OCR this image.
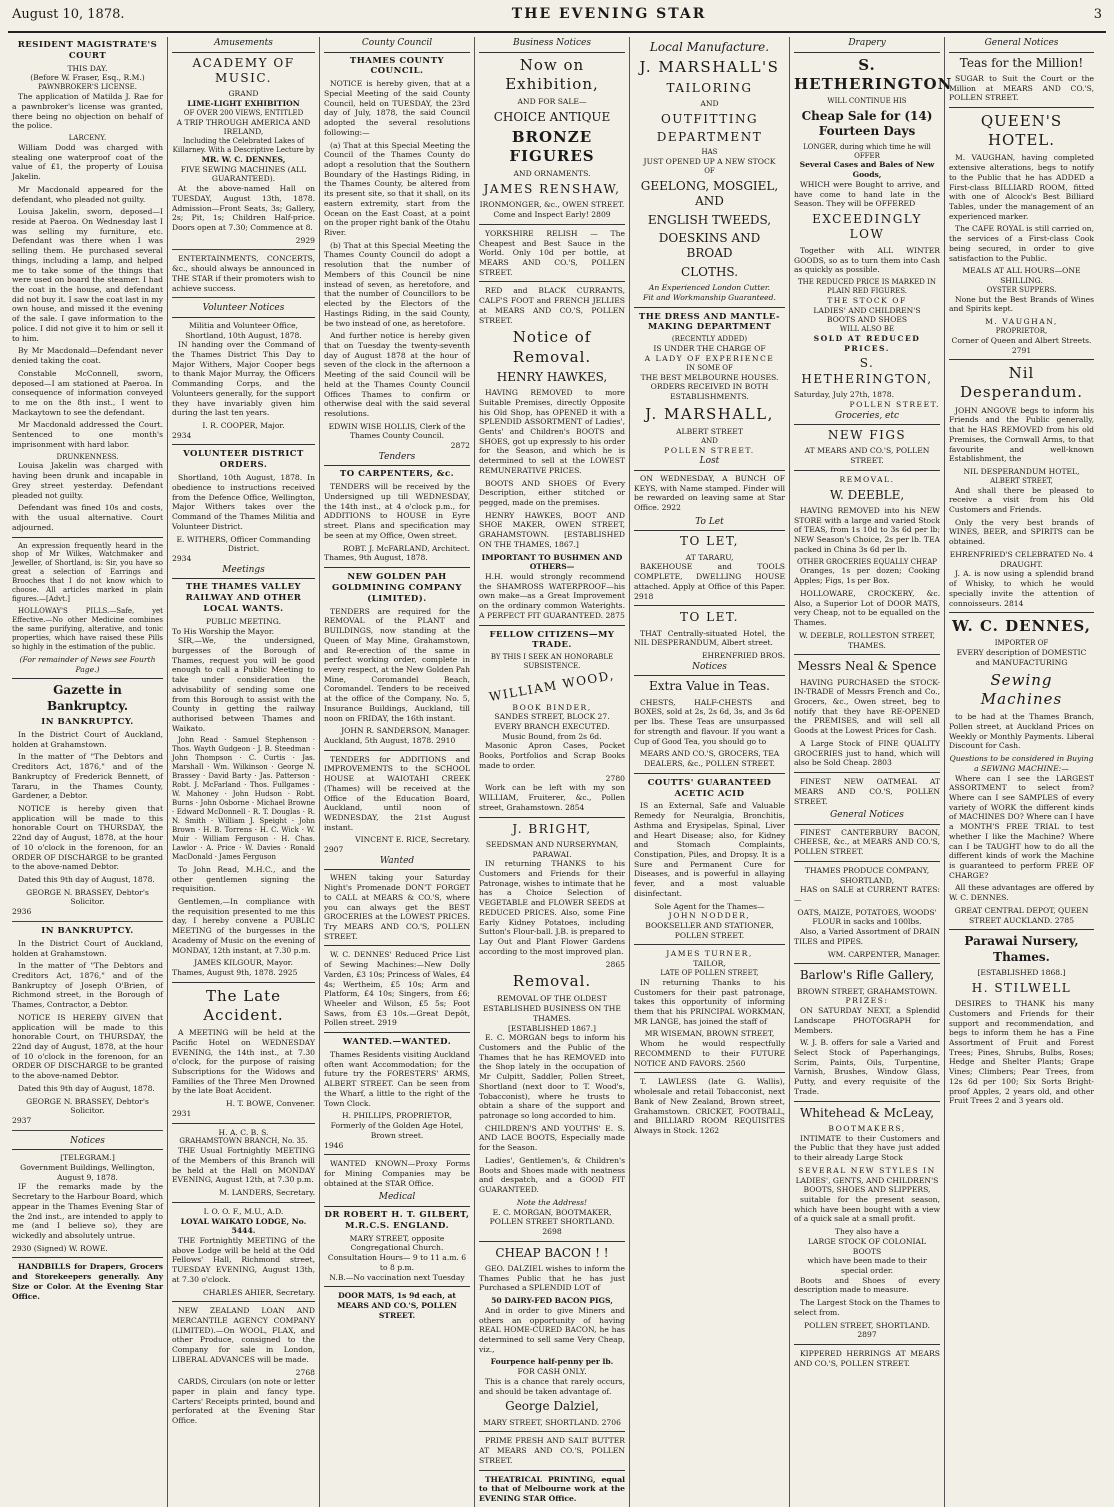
August 10, 1878.	THE EVENING STAR	3
RESIDENT MAGISTRATE'S COURT
THIS DAY.
(Before W. Fraser, Esq., R.M.)
PAWNBROKER'S LICENSE.

The application of Matilda J. Rae for a pawnbroker's license was granted, there being no objection on behalf of the police.

LARCENY.

William Dodd was charged with stealing one waterproof coat of the value of £1, the property of Louisa Jakelin.

Mr Macdonald appeared for the defendant, who pleaded not guilty.

Louisa Jakelin, sworn, deposed—I reside at Paeroa. On Wednesday last I was selling my furniture, etc. Defendant was there when I was selling them. He purchased several things, including a lamp, and helped me to take some of the things that were used on board the steamer. I had the coat in the house, and defendant did not buy it. I saw the coat last in my own house, and missed it the evening of the sale. I gave information to the police. I did not give it to him or sell it to him.

By Mr Macdonald—Defendant never denied taking the coat.

Constable McConnell, sworn, deposed—I am stationed at Paeroa. In consequence of information conveyed to me on the 8th inst., I went to Mackaytown to see the defendant.

Mr Macdonald addressed the Court. Sentenced to one month's imprisonment with hard labor.

DRUNKENNESS.

Louisa Jakelin was charged with having been drunk and incapable in Grey street yesterday. Defendant pleaded not guilty.

Defendant was fined 10s and costs, with the usual alternative. Court adjourned.

An expression frequently heard in the shop of Mr Wilkes, Watchmaker and Jeweller, of Shortland, is: Sir, you have so great a selection of Earrings and Brooches that I do not know which to choose. All articles marked in plain figures.—[Advt.]

HOLLOWAY'S PILLS.—Safe, yet Effective.—No other Medicine combines the same purifying, alterative, and tonic properties, which have raised these Pills so highly in the estimation of the public.

(For remainder of News see Fourth Page.)
Gazette in Bankruptcy.
IN BANKRUPTCY.

In the District Court of Auckland, holden at Grahamstown.

In the matter of "The Debtors and Creditors Act, 1876," and of the Bankruptcy of Frederick Bennett, of Tararu, in the Thames County, Gardener, a Debtor.

NOTICE is hereby given that application will be made to this honorable Court on THURSDAY, the 22nd day of August, 1878, at the hour of 10 o'clock in the forenoon, for an ORDER OF DISCHARGE to be granted to the above-named Debtor.

Dated this 9th day of August, 1878.

GEORGE N. BRASSEY, Debtor's Solicitor.
2936
IN BANKRUPTCY.

In the District Court of Auckland, holden at Grahamstown.

In the matter of "The Debtors and Creditors Act, 1876," and of the Bankruptcy of Joseph O'Brien, of Richmond street, in the Borough of Thames, Contractor, a Debtor.

NOTICE IS HEREBY GIVEN that application will be made to this honorable Court, on THURSDAY, the 22nd day of August, 1878, at the hour of 10 o'clock in the forenoon, for an ORDER OF DISCHARGE to be granted to the above-named Debtor.

Dated this 9th day of August, 1878.

GEORGE N. BRASSEY, Debtor's Solicitor.
2937
Notices
[TELEGRAM.]
Government Buildings, Wellington, August 9, 1878.

IF the remarks made by the Secretary to the Harbour Board, which appear in the Thames Evening Star of the 2nd inst., are intended to apply to me (and I believe so), they are wickedly and absolutely untrue.

2930 (Signed) W. ROWE.

HANDBILLS for Drapers, Grocers and Storekeepers generally. Any Size or Color. At the Evening Star Office.

Amusements
ACADEMY OF MUSIC.
GRAND
LIME-LIGHT EXHIBITION
OF OVER 200 VIEWS, ENTITLED
A TRIP THROUGH AMERICA AND IRELAND,
Including the Celebrated Lakes of Killarney. With a Descriptive Lecture by
MR. W. C. DENNES,
FIVE SEWING MACHINES (ALL GUARANTEED).

At the above-named Hall on TUESDAY, August 13th, 1878. Admission—Front Seats, 3s; Gallery, 2s; Pit, 1s; Children Half-price. Doors open at 7.30; Commence at 8.

2929

ENTERTAINMENTS, CONCERTS, &c., should always be announced in THE STAR if their promoters wish to achieve success.

Volunteer Notices
Militia and Volunteer Office, Shortland, 10th August, 1878.

IN handing over the Command of the Thames District This Day to Major Withers, Major Cooper begs to thank Major Murray, the Officers Commanding Corps, and the Volunteers generally, for the support they have invariably given him during the last ten years.

I. R. COOPER, Major.
2934
VOLUNTEER DISTRICT ORDERS.

Shortland, 10th August, 1878. In obedience to instructions received from the Defence Office, Wellington, Major Withers takes over the Command of the Thames Militia and Volunteer District.

E. WITHERS, Officer Commanding District.
2934
Meetings
THE THAMES VALLEY RAILWAY AND OTHER LOCAL WANTS.
PUBLIC MEETING.
To His Worship the Mayor.

SIR,—We, the undersigned, burgesses of the Borough of Thames, request you will be good enough to call a Public Meeting to take under consideration the advisability of sending some one from this Borough to assist with the County in getting the railway authorised between Thames and Waikato.

John Read · Samuel Stephenson · Thos. Wayth Gudgeon · J. B. Steedman · John Thompson · C. Curtis · Jas. Marshall · Wm. Wilkinson · George N. Brassey · David Barty · Jas. Patterson · Robt. J. McFarland · Thos. Fullgames · W. Mahoney · John Hudson · Robt. Burns · John Osborne · Michael Browne · Edward McDonnell · R. T. Douglas · R. N. Smith · William J. Speight · John Brown · H. B. Torrens · H. C. Wick · W. Muir · William Ferguson · H. Chas. Lawlor · A. Price · W. Davies · Ronald MacDonald · James Ferguson

To John Read, M.H.C., and the other gentlemen signing the requisition.

Gentlemen,—In compliance with the requisition presented to me this day, I hereby convene a PUBLIC MEETING of the burgesses in the Academy of Music on the evening of MONDAY, 12th instant, at 7.30 p.m.

JAMES KILGOUR, Mayor.
Thames, August 9th, 1878. 2925
The Late Accident.

A MEETING will be held at the Pacific Hotel on WEDNESDAY EVENING, the 14th inst., at 7.30 o'clock, for the purpose of raising Subscriptions for the Widows and Families of the Three Men Drowned by the late Boat Accident.

H. T. BOWE, Convener.
2931
H. A. C. B. S.
GRAHAMSTOWN BRANCH, No. 35.

THE Usual Fortnightly MEETING of the Members of this Branch will be held at the Hall on MONDAY EVENING, August 12th, at 7.30 p.m.

M. LANDERS, Secretary.
I. O. O. F., M.U., A.D.
LOYAL WAIKATO LODGE, No. 5444.

THE Fortnightly MEETING of the above Lodge will be held at the Odd Fellows' Hall, Richmond street, TUESDAY EVENING, August 13th, at 7.30 o'clock.

CHARLES AHIER, Secretary.

NEW ZEALAND LOAN AND MERCANTILE AGENCY COMPANY (LIMITED).—On WOOL, FLAX, and other Produce, consigned to the Company for sale in London, LIBERAL ADVANCES will be made.

2768

CARDS, Circulars (on note or letter paper in plain and fancy type. Carters' Receipts printed, bound and perforated at the Evening Star Office.

County Council
THAMES COUNTY COUNCIL.

NOTICE is hereby given, that at a Special Meeting of the said County Council, held on TUESDAY, the 23rd day of July, 1878, the said Council adopted the several resolutions following:—

(a) That at this Special Meeting the Council of the Thames County do adopt a resolution that the Southern Boundary of the Hastings Riding, in the Thames County, be altered from its present site, so that it shall, on its eastern extremity, start from the Ocean on the East Coast, at a point on the proper right bank of the Otahu River.

(b) That at this Special Meeting the Thames County Council do adopt a resolution that the number of Members of this Council be nine instead of seven, as heretofore, and that the number of Councillors to be elected by the Electors of the Hastings Riding, in the said County, be two instead of one, as heretofore.

And further notice is hereby given that on Tuesday the twenty-seventh day of August 1878 at the hour of seven of the clock in the afternoon a Meeting of the said Council will be held at the Thames County Council Offices Thames to confirm or otherwise deal with the said several resolutions.

EDWIN WISE HOLLIS, Clerk of the Thames County Council.
2872
Tenders
TO CARPENTERS, &c.

TENDERS will be received by the Undersigned up till WEDNESDAY, the 14th inst., at 4 o'clock p.m., for ADDITIONS to HOUSE in Eyre street. Plans and specification may be seen at my Office, Owen street.

ROBT. J. McFARLAND, Architect.
Thames, 9th August, 1878.
NEW GOLDEN PAH GOLDMINING COMPANY (LIMITED).

TENDERS are required for the REMOVAL of the PLANT and BUILDINGS, now standing at the Queen of May Mine, Grahamstown, and Re-erection of the same in perfect working order, complete in every respect, at the New Golden Pah Mine, Coromandel Beach, Coromandel. Tenders to be received at the office of the Company, No. 5, Insurance Buildings, Auckland, till noon on FRIDAY, the 16th instant.

JOHN R. SANDERSON, Manager.
Auckland, 5th August, 1878. 2910

TENDERS for ADDITIONS and IMPROVEMENTS to the SCHOOL HOUSE at WAIOTAHI CREEK (Thames) will be received at the Office of the Education Board, Auckland, until noon of WEDNESDAY, the 21st August instant.

VINCENT E. RICE, Secretary.
2907
Wanted

WHEN taking your Saturday Night's Promenade DON'T FORGET to CALL at MEARS & CO.'S, where you can always get the BEST GROCERIES at the LOWEST PRICES. Try MEARS AND CO.'S, POLLEN STREET.

W. C. DENNES' Reduced Price List of Sewing Machines:—New Dolly Varden, £3 10s; Princess of Wales, £4 4s; Wertheim, £5 10s; Arm and Platform, £4 10s; Singers, from £6; Wheeler and Wilson, £5 5s; Foot Saws, from £3 10s.—Great Depôt, Pollen street. 2919

WANTED.—WANTED.

Thames Residents visiting Auckland often want Accommodation; for the future try the FORESTERS' ARMS, ALBERT STREET. Can be seen from the Wharf, a little to the right of the Town Clock.

H. PHILLIPS, PROPRIETOR, Formerly of the Golden Age Hotel, Brown street.
1946

WANTED KNOWN—Proxy Forms for Mining Companies may be obtained at the STAR Office.

Medical
DR ROBERT H. T. GILBERT, M.R.C.S. ENGLAND.
MARY STREET, opposite Congregational Church.
Consultation Hours— 9 to 11 a.m. 6 to 8 p.m.
N.B.—No vaccination next Tuesday
DOOR MATS, 1s 9d each, at MEARS AND CO.'S, POLLEN STREET.
Business Notices
Now on Exhibition,
AND FOR SALE—
CHOICE ANTIQUE
BRONZE FIGURES
AND ORNAMENTS.
JAMES RENSHAW,
IRONMONGER, &c., OWEN STREET.
Come and Inspect Early! 2809

YORKSHIRE RELISH — The Cheapest and Best Sauce in the World. Only 10d per bottle, at MEARS AND CO.'S, POLLEN STREET.

RED and BLACK CURRANTS, CALF'S FOOT and FRENCH JELLIES at MEARS AND CO.'S, POLLEN STREET.

Notice of Removal.
HENRY HAWKES,

HAVING REMOVED to more Suitable Premises, directly Opposite his Old Shop, has OPENED it with a SPLENDID ASSORTMENT of Ladies', Gents' and Children's BOOTS and SHOES, got up expressly to his order for the Season, and which he is determined to sell at the LOWEST REMUNERATIVE PRICES.

BOOTS AND SHOES Of Every Description, either stitched or pegged, made on the premises.

HENRY HAWKES, BOOT AND SHOE MAKER, OWEN STREET, GRAHAMSTOWN. [ESTABLISHED ON THE THAMES, 1867.]

IMPORTANT TO BUSHMEN AND OTHERS—

H.H. would strongly recommend the SHAMROSS WATERPROOF—his own make—as a Great Improvement on the ordinary common Waterights. A PERFECT FIT GUARANTEED. 2875

FELLOW CITIZENS—MY TRADE.
BY THIS I SEEK AN HONORABLE SUBSISTENCE.
WILLIAM WOOD,
BOOK BINDER,
SANDES STREET, BLOCK 27.
EVERY BRANCH EXECUTED.
Music Bound, from 2s 6d.

Masonic Apron Cases, Pocket Books, Portfolios and Scrap Books made to order.

2780

Work can be left with my son WILLIAM, Fruiterer, &c., Pollen street, Grahamstown. 2854

J. BRIGHT,
SEEDSMAN AND NURSERYMAN, PARAWAI.

IN returning THANKS to his Customers and Friends for their Patronage, wishes to intimate that he has a Choice Selection of VEGETABLE and FLOWER SEEDS at REDUCED PRICES. Also, some Fine Early Kidney Potatoes, including Sutton's Flour-ball. J.B. is prepared to Lay Out and Plant Flower Gardens according to the most improved plan.

2865
Removal.
REMOVAL OF THE OLDEST ESTABLISHED BUSINESS ON THE THAMES.
[ESTABLISHED 1867.]

E. C. MORGAN begs to inform his Customers and the Public of the Thames that he has REMOVED into the Shop lately in the occupation of Mr Culpitt, Saddler, Pollen Street, Shortland (next door to T. Wood's, Tobacconist), where he trusts to obtain a share of the support and patronage so long accorded to him.

CHILDREN'S AND YOUTHS' E. S. AND LACE BOOTS, Especially made for the Season.

Ladies', Gentlemen's, & Children's Boots and Shoes made with neatness and despatch, and a GOOD FIT GUARANTEED.

Note the Address!
E. C. MORGAN, BOOTMAKER, POLLEN STREET SHORTLAND. 2698
CHEAP BACON ! !

GEO. DALZIEL wishes to inform the Thames Public that he has just Purchased a SPLENDID LOT of

50 DAIRY-FED BACON PIGS,

And in order to give Miners and others an opportunity of having REAL HOME-CURED BACON, he has determined to sell same Very Cheap, viz.,

Fourpence half-penny per lb.
FOR CASH ONLY.

This is a chance that rarely occurs, and should be taken advantage of.

George Dalziel,
MARY STREET, SHORTLAND. 2706

PRIME FRESH AND SALT BUTTER AT MEARS AND CO.'S, POLLEN STREET.

THEATRICAL PRINTING, equal to that of Melbourne work at the EVENING STAR Office.

Local Manufacture.
J. MARSHALL'S
TAILORING
AND
OUTFITTING
DEPARTMENT
HAS
JUST OPENED UP A NEW STOCK
OF
GEELONG, MOSGIEL, AND
ENGLISH TWEEDS,
DOESKINS AND BROAD
CLOTHS.
An Experienced London Cutter.
Fit and Workmanship Guaranteed.
THE DRESS AND MANTLE-MAKING DEPARTMENT
(RECENTLY ADDED)
IS UNDER THE CHARGE OF
A LADY OF EXPERIENCE
IN SOME OF
THE BEST MELBOURNE HOUSES.
ORDERS RECEIVED IN BOTH ESTABLISHMENTS.
J. MARSHALL,
ALBERT STREET
AND
POLLEN STREET.
Lost

ON WEDNESDAY, A BUNCH OF KEYS, with Name stamped. Finder will be rewarded on leaving same at Star Office. 2922

To Let
TO LET,
AT TARARU,

BAKEHOUSE and TOOLS COMPLETE, DWELLING HOUSE attached. Apply at Office of this Paper. 2918

TO LET.

THAT Centrally-situated Hotel, the NIL DESPERANDUM, Albert street.

EHRENFRIED BROS.
Notices
Extra Value in Teas.

CHESTS, HALF-CHESTS and BOXES, sold at 2s, 2s 6d, 3s, and 3s 6d per lbs. These Teas are unsurpassed for strength and flavour. If you want a Cup of Good Tea, you should go to

MEARS AND CO.'S, GROCERS, TEA DEALERS, &c., POLLEN STREET.
COUTTS' GUARANTEED ACETIC ACID

IS an External, Safe and Valuable Remedy for Neuralgia, Bronchitis, Asthma and Erysipelas, Spinal, Liver and Heart Disease; also, for Kidney and Stomach Complaints, Constipation, Piles, and Dropsy. It is a Sure and Permanent Cure for Diseases, and is powerful in allaying fever, and a most valuable disinfectant.

Sole Agent for the Thames—
JOHN NODDER,
BOOKSELLER AND STATIONER, POLLEN STREET.
JAMES TURNER,
TAILOR,
LATE OF POLLEN STREET,

IN returning Thanks to his Customers for their past patronage, takes this opportunity of informing them that his PRINCIPAL WORKMAN, MR LANGE, has joined the staff of

MR WISEMAN, BROWN STREET,

Whom he would respectfully RECOMMEND to their FUTURE NOTICE AND FAVORS. 2560

T. LAWLESS (late G. Wallis), wholesale and retail Tobacconist, next Bank of New Zealand, Brown street, Grahamstown. CRICKET, FOOTBALL, and BILLIARD ROOM REQUISITES Always in Stock. 1262

Drapery
S. HETHERINGTON
WILL CONTINUE HIS
Cheap Sale for (14) Fourteen Days
LONGER, during which time he will OFFER
Several Cases and Bales of New Goods,

WHICH were Bought to arrive, and have come to hand late in the Season. They will be OFFERED

EXCEEDINGLY LOW

Together with ALL WINTER GOODS, so as to turn them into Cash as quickly as possible.

THE REDUCED PRICE IS MARKED IN PLAIN RED FIGURES.
THE STOCK OF
LADIES' AND CHILDREN'S
BOOTS AND SHOES
WILL ALSO BE
SOLD AT REDUCED PRICES.
S. HETHERINGTON,
Saturday, July 27th, 1878.
POLLEN STREET.
Groceries, etc
NEW FIGS
AT MEARS AND CO.'S, POLLEN STREET.
REMOVAL.
W. DEEBLE,

HAVING REMOVED into his NEW STORE with a large and varied Stock of TEAS, from 1s 10d to 3s 6d per lb; NEW Season's Choice, 2s per lb. TEA packed in China 3s 6d per lb.

OTHER GROCERIES EQUALLY CHEAP

Oranges, 1s per dozen; Cooking Apples; Figs, 1s per Box.

HOLLOWARE, CROCKERY, &c. Also, a Superior Lot of DOOR MATS, very Cheap, not to be equalled on the Thames.

W. DEEBLE, ROLLESTON STREET, THAMES.
Messrs Neal & Spence

HAVING PURCHASED the STOCK-IN-TRADE of Messrs French and Co., Grocers, &c., Owen street, beg to notify that they have RE-OPENED the PREMISES, and will sell all Goods at the Lowest Prices for Cash.

A Large Stock of FINE QUALITY GROCERIES just to hand, which will also be Sold Cheap. 2803

FINEST NEW OATMEAL AT MEARS AND CO.'S, POLLEN STREET.

General Notices

FINEST CANTERBURY BACON, CHEESE, &c., at MEARS AND CO.'S, POLLEN STREET.

THAMES PRODUCE COMPANY, SHORTLAND,

HAS on SALE at CURRENT RATES:—

OATS, MAIZE, POTATOES, WOODS' FLOUR in sacks and 100lbs.

Also, a Varied Assortment of DRAIN TILES and PIPES.

WM. CARPENTER, Manager.
Barlow's Rifle Gallery,
BROWN STREET, GRAHAMSTOWN.
PRIZES:

ON SATURDAY NEXT, a Splendid Landscape PHOTOGRAPH for Members.

W. J. B. offers for sale a Varied and Select Stock of Paperhangings, Scrim, Paints, Oils, Turpentine, Varnish, Brushes, Window Glass, Putty, and every requisite of the Trade.

Whitehead & McLeay,
BOOTMAKERS,

INTIMATE to their Customers and the Public that they have just added to their already Large Stock

SEVERAL NEW STYLES IN
LADIES', GENTS, AND CHILDREN'S BOOTS, SHOES AND SLIPPERS,

suitable for the present season, which have been bought with a view of a quick sale at a small profit.

They also have a
LARGE STOCK OF COLONIAL BOOTS
which have been made to their special order.

Boots and Shoes of every description made to measure.

The Largest Stock on the Thames to select from.

POLLEN STREET, SHORTLAND. 2897

KIPPERED HERRINGS AT MEARS AND CO.'S, POLLEN STREET.

General Notices
Teas for the Million!

SUGAR to Suit the Court or the Million at MEARS AND CO.'S, POLLEN STREET.

QUEEN'S HOTEL.

M. VAUGHAN, having completed extensive alterations, begs to notify to the Public that he has ADDED a First-class BILLIARD ROOM, fitted with one of Alcock's Best Billiard Tables, under the management of an experienced marker.

The CAFE ROYAL is still carried on, the services of a First-class Cook being secured, in order to give satisfaction to the Public.

MEALS AT ALL HOURS—ONE SHILLING.
OYSTER SUPPERS.

None but the Best Brands of Wines and Spirits kept.

M. VAUGHAN,
PROPRIETOR,
Corner of Queen and Albert Streets. 2791
Nil Desperandum.

JOHN ANGOVE begs to inform his Friends and the Public generally, that he HAS REMOVED from his old Premises, the Cornwall Arms, to that favourite and well-known Establishment, the

NIL DESPERANDUM HOTEL,
ALBERT STREET,

And shall there be pleased to receive a visit from his Old Customers and Friends.

Only the very best brands of WINES, BEER, and SPIRITS can be obtained.

EHRENFRIED'S CELEBRATED No. 4 DRAUGHT.

J. A. is now using a splendid brand of Whisky, to which he would specially invite the attention of connoisseurs. 2814

W. C. DENNES,
IMPORTER OF
EVERY description of DOMESTIC and MANUFACTURING
Sewing Machines

to be had at the Thames Branch, Pollen street, at Auckland Prices on Weekly or Monthly Payments. Liberal Discount for Cash.

Questions to be considered in Buying a SEWING MACHINE:—

Where can I see the LARGEST ASSORTMENT to select from? Where can I see SAMPLES of every variety of WORK the different kinds of MACHINES DO? Where can I have a MONTH'S FREE TRIAL to test whether I like the Machine? Where can I be TAUGHT how to do all the different kinds of work the Machine is guaranteed to perform FREE OF CHARGE?

All these advantages are offered by W. C. DENNES.

GREAT CENTRAL DEPOT, QUEEN STREET AUCKLAND. 2785
Parawai Nursery, Thames.
[ESTABLISHED 1868.]
H. STILWELL

DESIRES to THANK his many Customers and Friends for their support and recommendation, and begs to inform them he has a Fine Assortment of Fruit and Forest Trees; Pines, Shrubs, Bulbs, Roses; Hedge and Shelter Plants; Grape Vines; Climbers; Pear Trees, from 12s 6d per 100; Six Sorts Bright-proof Apples, 2 years old, and other Fruit Trees 2 and 3 years old.
